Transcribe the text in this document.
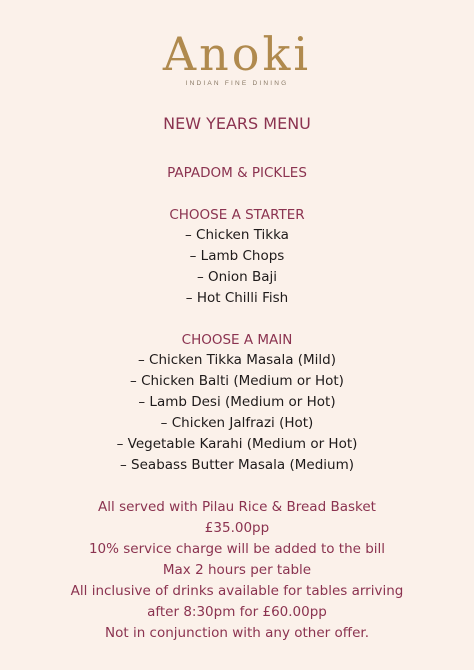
Anoki
INDIAN FINE DINING
NEW YEARS MENU
PAPADOM & PICKLES
CHOOSE A STARTER
– Chicken Tikka
– Lamb Chops
– Onion Baji
– Hot Chilli Fish
CHOOSE A MAIN
– Chicken Tikka Masala (Mild)
– Chicken Balti (Medium or Hot)
– Lamb Desi (Medium or Hot)
– Chicken Jalfrazi (Hot)
– Vegetable Karahi (Medium or Hot)
– Seabass Butter Masala (Medium)
All served with Pilau Rice & Bread Basket
£35.00pp
10% service charge will be added to the bill
Max 2 hours per table
All inclusive of drinks available for tables arriving
after 8:30pm for £60.00pp
Not in conjunction with any other offer.
